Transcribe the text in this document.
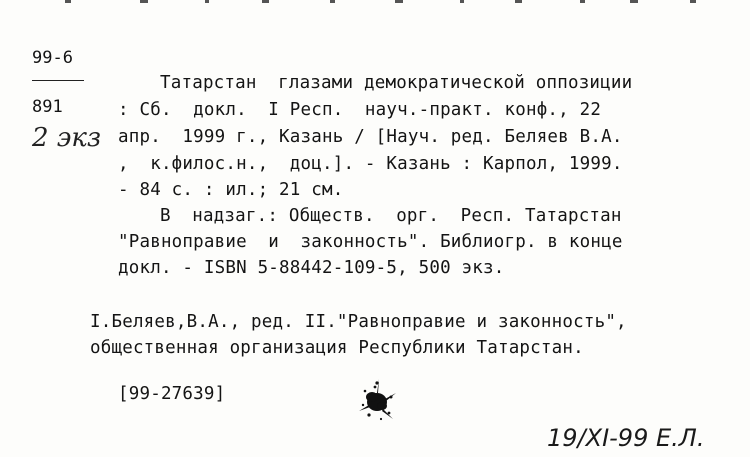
99-6
891
2 экз
Татарстан  глазами демократической оппозиции
: Сб.  докл.  I Респ.  науч.-практ. конф., 22
апр.  1999 г., Казань / [Науч. ред. Беляев В.А.
,  к.филос.н.,  доц.]. - Казань : Карпол, 1999.
- 84 с. : ил.; 21 см.
В  надзаг.: Обществ.  орг.  Респ. Татарстан
"Равноправие  и  законность". Библиогр. в конце
докл. - ISBN 5-88442-109-5, 500 экз.
I.Беляев,В.А., ред. II."Равноправие и законность",
общественная организация Республики Татарстан.
[99-27639]
19/XI-99 Е.Л.
